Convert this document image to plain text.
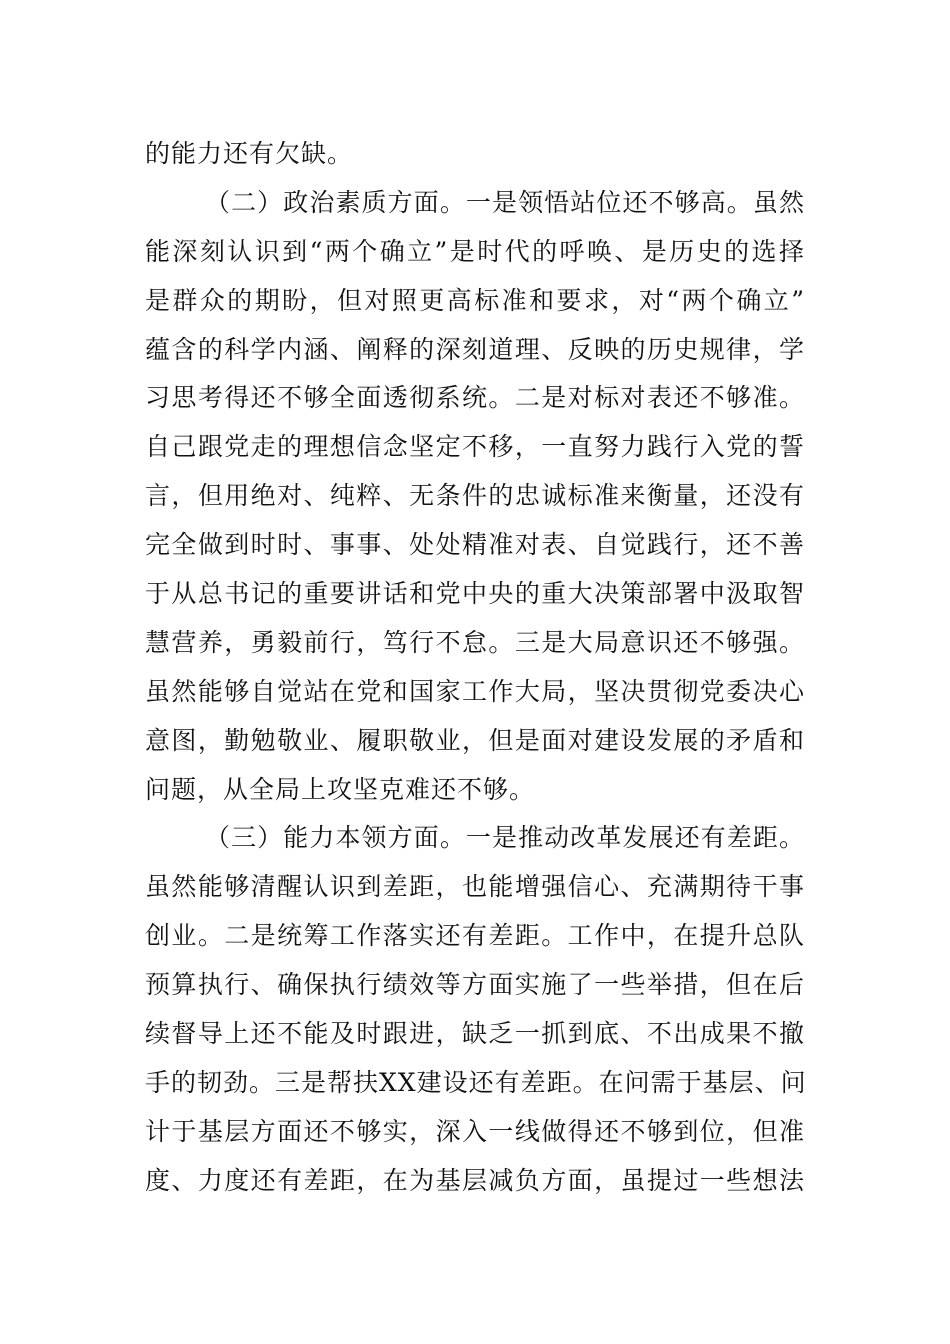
的能力还有欠缺。
（二）政治素质方面。一是领悟站位还不够高。虽然
能深刻认识到“两个确立”是时代的呼唤、是历史的选择
是群众的期盼，但对照更高标准和要求，对“两个确立”
蕴含的科学内涵、阐释的深刻道理、反映的历史规律，学
习思考得还不够全面透彻系统。二是对标对表还不够准。
自己跟党走的理想信念坚定不移，一直努力践行入党的誓
言，但用绝对、纯粹、无条件的忠诚标准来衡量，还没有
完全做到时时、事事、处处精准对表、自觉践行，还不善
于从总书记的重要讲话和党中央的重大决策部署中汲取智
慧营养，勇毅前行，笃行不怠。三是大局意识还不够强。
虽然能够自觉站在党和国家工作大局，坚决贯彻党委决心
意图，勤勉敬业、履职敬业，但是面对建设发展的矛盾和
问题，从全局上攻坚克难还不够。
（三）能力本领方面。一是推动改革发展还有差距。
虽然能够清醒认识到差距，也能增强信心、充满期待干事
创业。二是统筹工作落实还有差距。工作中，在提升总队
预算执行、确保执行绩效等方面实施了一些举措，但在后
续督导上还不能及时跟进，缺乏一抓到底、不出成果不撤
手的韧劲。三是帮扶XX建设还有差距。在问需于基层、问
计于基层方面还不够实，深入一线做得还不够到位，但准
度、力度还有差距，在为基层减负方面，虽提过一些想法
